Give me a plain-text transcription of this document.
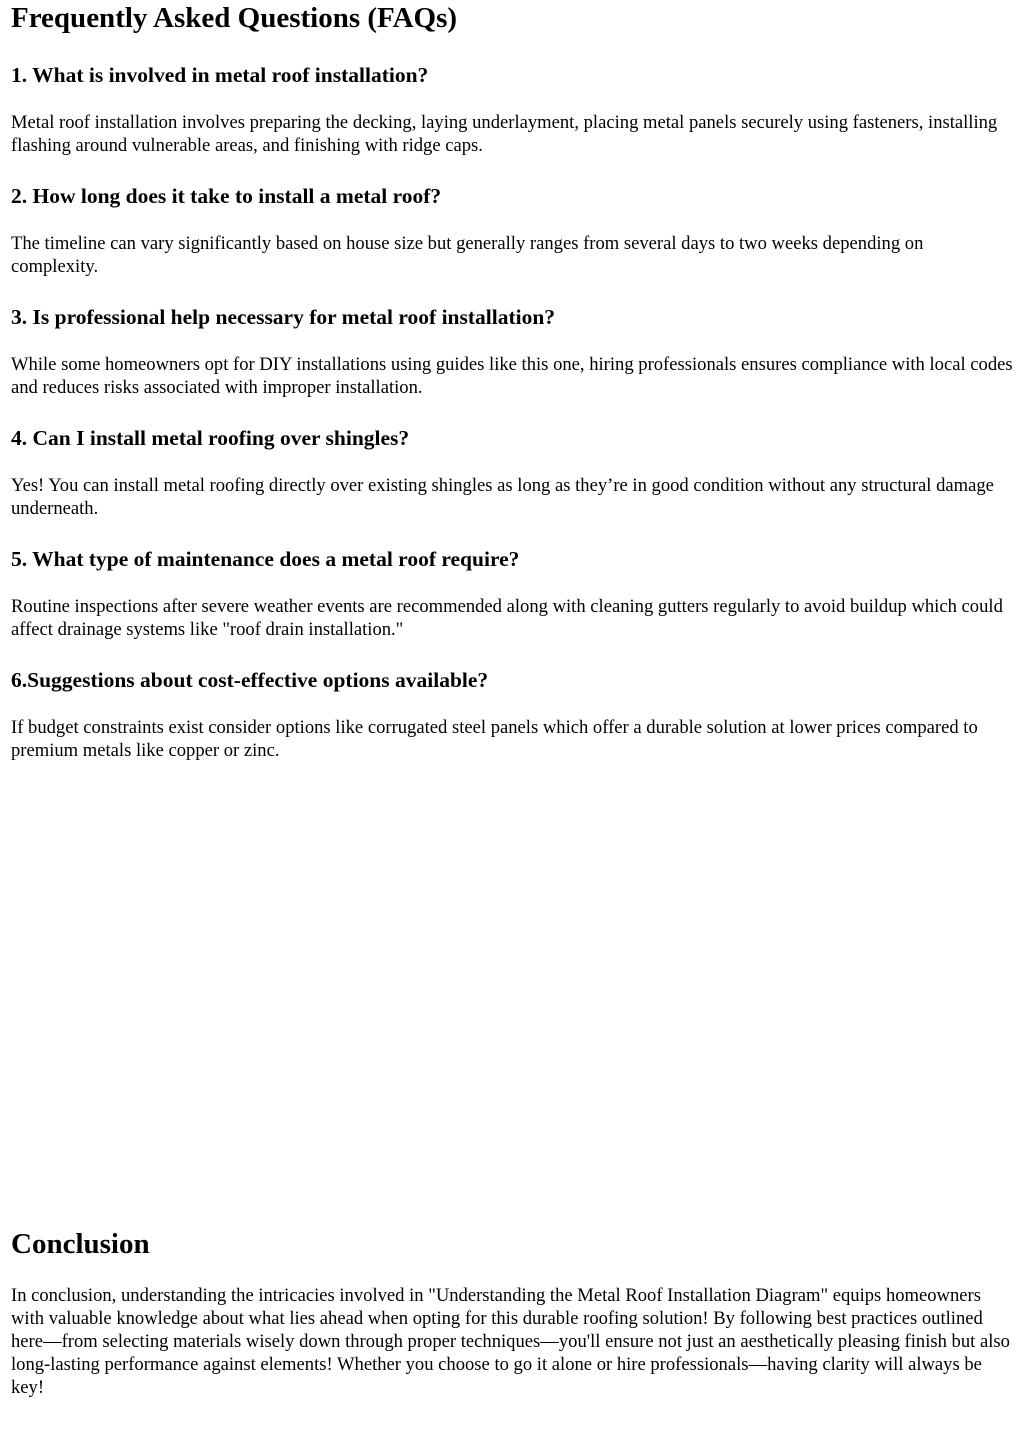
Frequently Asked Questions (FAQs)
1. What is involved in metal roof installation?

Metal roof installation involves preparing the decking, laying underlayment, placing metal panels securely using fasteners, installing flashing around vulnerable areas, and finishing with ridge caps.

2. How long does it take to install a metal roof?

The timeline can vary significantly based on house size but generally ranges from several days to two weeks depending on complexity.

3. Is professional help necessary for metal roof installation?

While some homeowners opt for DIY installations using guides like this one, hiring professionals ensures compliance with local codes and reduces risks associated with improper installation.

4. Can I install metal roofing over shingles?

Yes! You can install metal roofing directly over existing shingles as long as they’re in good condition without any structural damage underneath.

5. What type of maintenance does a metal roof require?

Routine inspections after severe weather events are recommended along with cleaning gutters regularly to avoid buildup which could affect drainage systems like "roof drain installation."

6.Suggestions about cost-effective options available?

If budget constraints exist consider options like corrugated steel panels which offer a durable solution at lower prices compared to premium metals like copper or zinc.

Conclusion

In conclusion, understanding the intricacies involved in "Understanding the Metal Roof Installation Diagram" equips homeowners with valuable knowledge about what lies ahead when opting for this durable roofing solution! By following best practices outlined here—from selecting materials wisely down through proper techniques—you'll ensure not just an aesthetically pleasing finish but also long-lasting performance against elements! Whether you choose to go it alone or hire professionals—having clarity will always be key!
